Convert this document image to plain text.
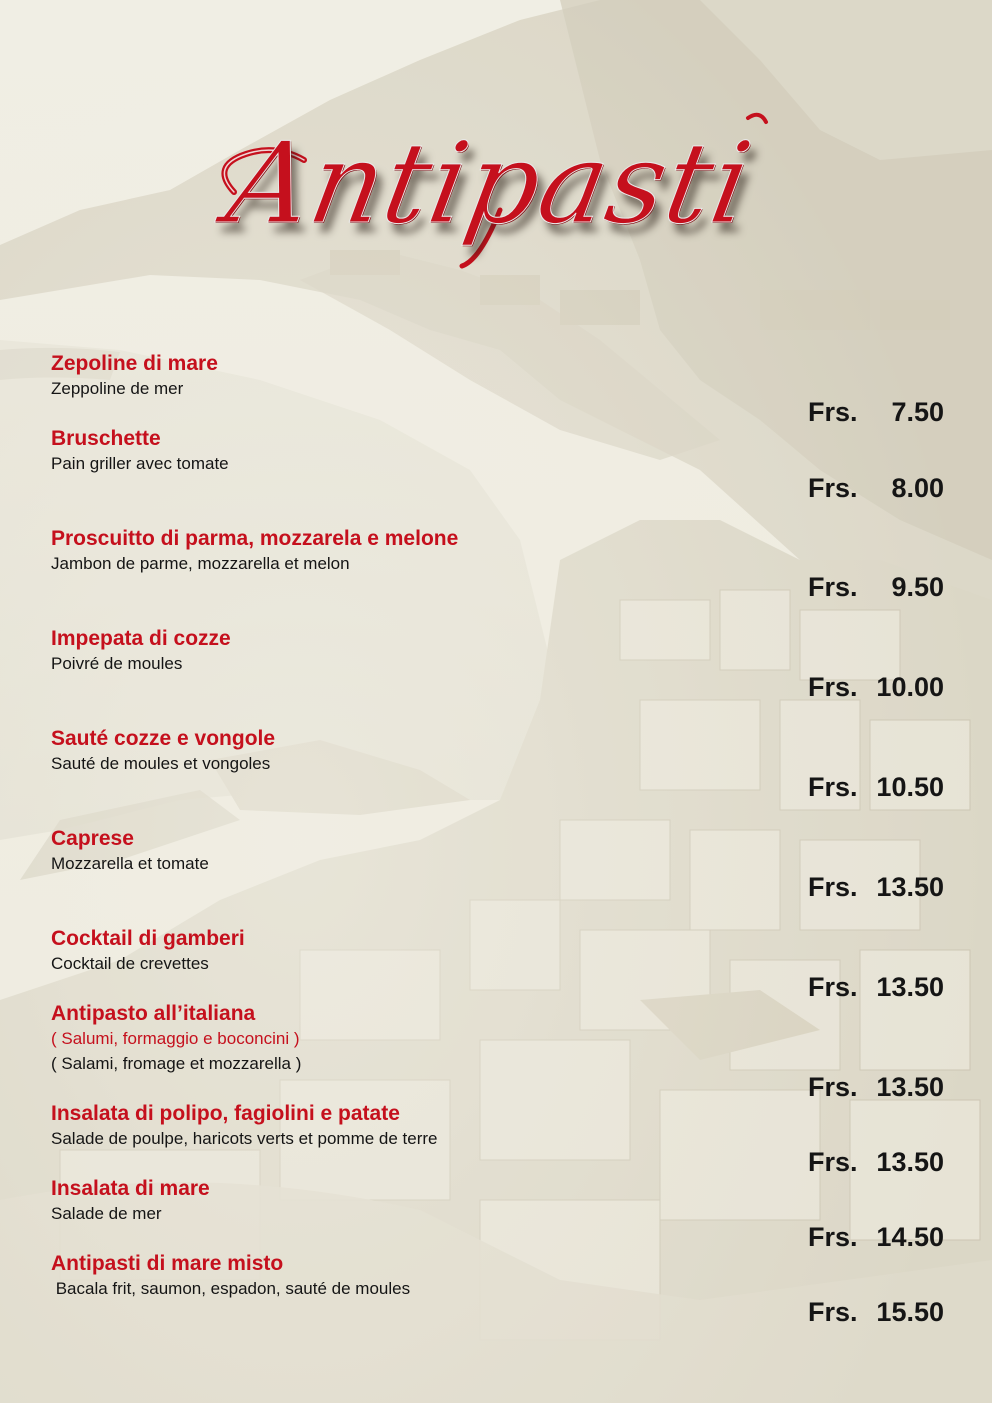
Antipasti
Zepoline di mare
Zeppoline de mer
Frs. 7.50
Bruschette
Pain griller avec tomate
Frs. 8.00
Proscuitto di parma, mozzarela e melone
Jambon de parme, mozzarella et melon
Frs. 9.50
Impepata di cozze
Poivré de moules
Frs. 10.00
Sauté cozze e vongole
Sauté de moules et vongoles
Frs. 10.50
Caprese
Mozzarella et tomate
Frs. 13.50
Cocktail di gamberi
Cocktail de crevettes
Frs. 13.50
Antipasto all’italiana
( Salumi, formaggio e boconcini )
( Salami, fromage et mozzarella )
Frs. 13.50
Insalata di polipo, fagiolini e patate
Salade de poulpe, haricots verts et pomme de terre
Frs. 13.50
Insalata di mare
Salade de mer
Frs. 14.50
Antipasti di mare misto
Bacala frit, saumon, espadon, sauté de moules
Frs. 15.50
